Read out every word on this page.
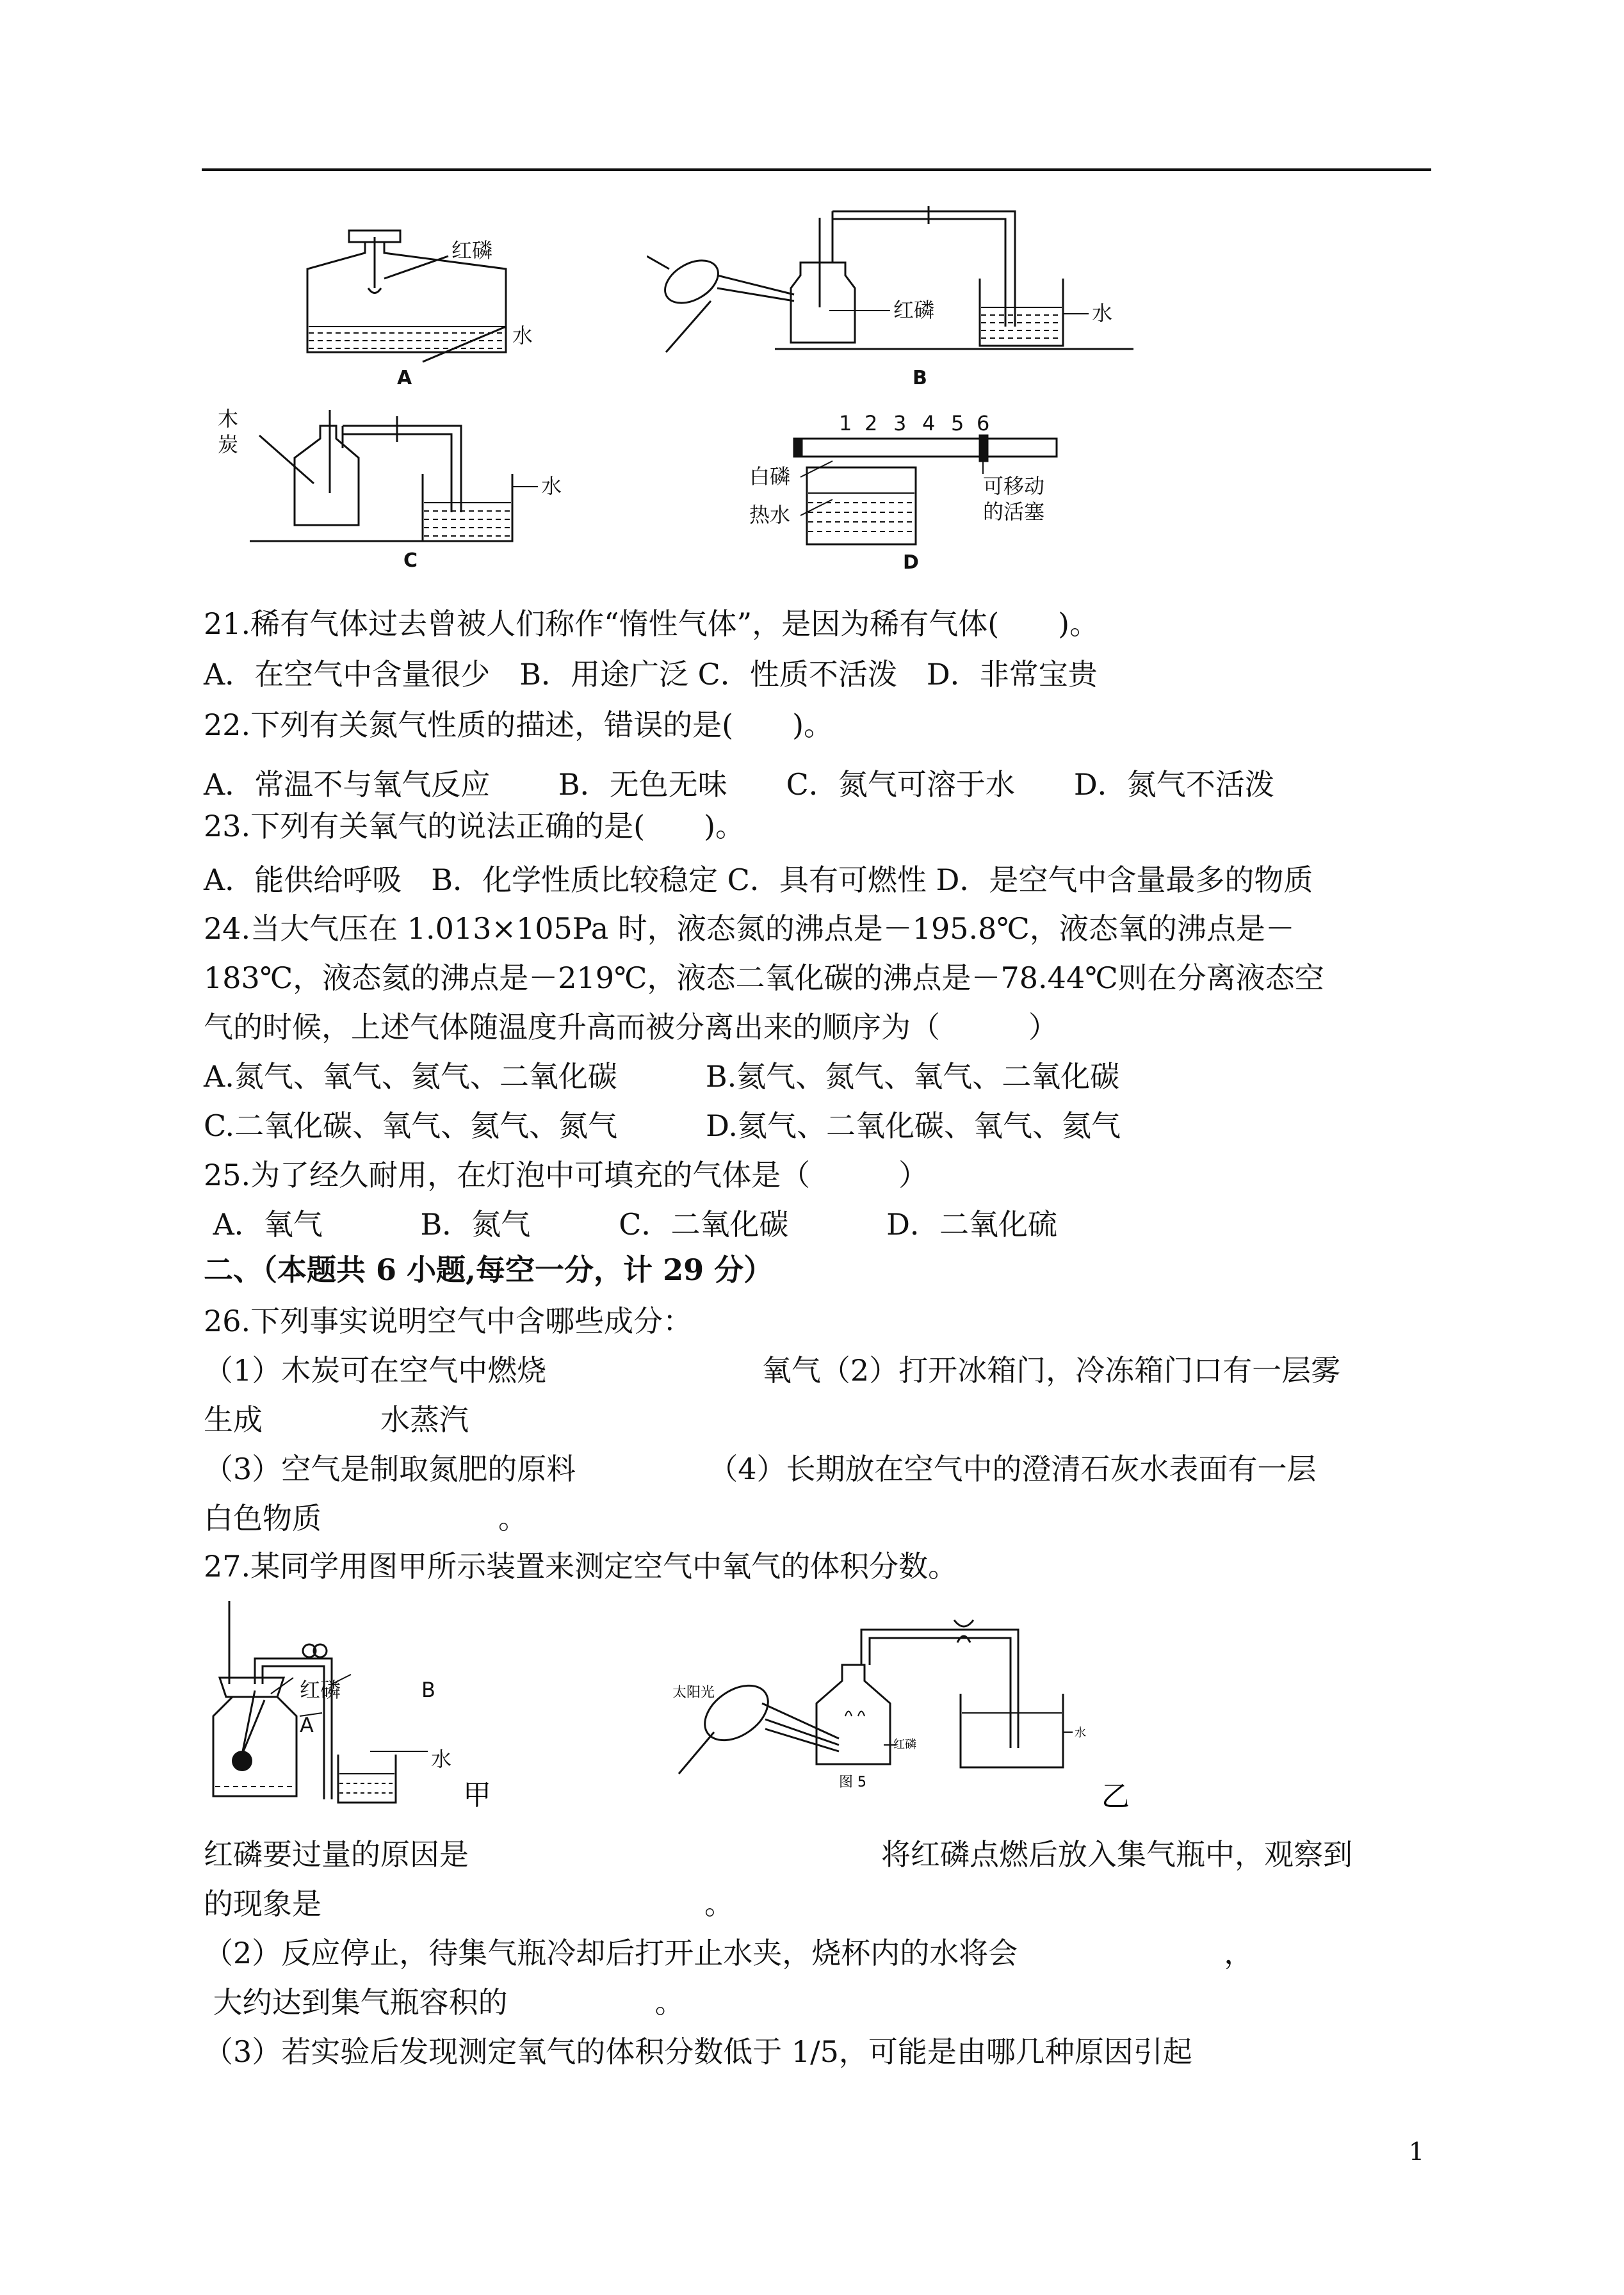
红磷
水
A
红磷	水
B
木
炭
水
C
1 2 3 4 5 6
白磷
热水
可移动
的活塞
D
21.稀有气体过去曾被人们称作“惰性气体”，是因为稀有气体(　　)。
A．在空气中含量很少　B．用途广泛 C．性质不活泼　D．非常宝贵
22.下列有关氮气性质的描述，错误的是(　　)。
A．常温不与氧气反应　　 B．无色无味　　C．氮气可溶于水　　D．氮气不活泼
23.下列有关氧气的说法正确的是(　　)。
A．能供给呼吸　B．化学性质比较稳定 C．具有可燃性 D．是空气中含量最多的物质
24.当大气压在 1.013×105Pa 时，液态氮的沸点是－195.8℃，液态氧的沸点是－
183℃，液态氦的沸点是－219℃，液态二氧化碳的沸点是－78.44℃则在分离液态空
气的时候，上述气体随温度升高而被分离出来的顺序为（　　　）
A.氮气、氧气、氦气、二氧化碳　　　B.氦气、氮气、氧气、二氧化碳
C.二氧化碳、氧气、氦气、氮气　　　D.氦气、二氧化碳、氧气、氦气
25.为了经久耐用，在灯泡中可填充的气体是（　　　）
A．氧气　　　 B．氮气　　　C．二氧化碳　　　 D．二氧化硫
二、（本题共 6 小题,每空一分，计 29 分）
26.下列事实说明空气中含哪些成分：
（1）木炭可在空气中燃烧　　　　　　　 氧气（2）打开冰箱门，冷冻箱门口有一层雾
生成　　　　水蒸汽
（3）空气是制取氮肥的原料　　　　　（4）长期放在空气中的澄清石灰水表面有一层
白色物质　　　　　　。
27.某同学用图甲所示装置来测定空气中氧气的体积分数。
红磷
A
B
水
甲
太阳光
红磷
水
图 5	乙
红磷要过量的原因是　　　　　　　　　　　　　　将红磷点燃后放入集气瓶中，观察到
的现象是　　　　　　　　　　　　　。
（2）反应停止，待集气瓶冷却后打开止水夹，烧杯内的水将会　　　　　　　，
大约达到集气瓶容积的　　　　　。
（3）若实验后发现测定氧气的体积分数低于 1/5，可能是由哪几种原因引起
1
